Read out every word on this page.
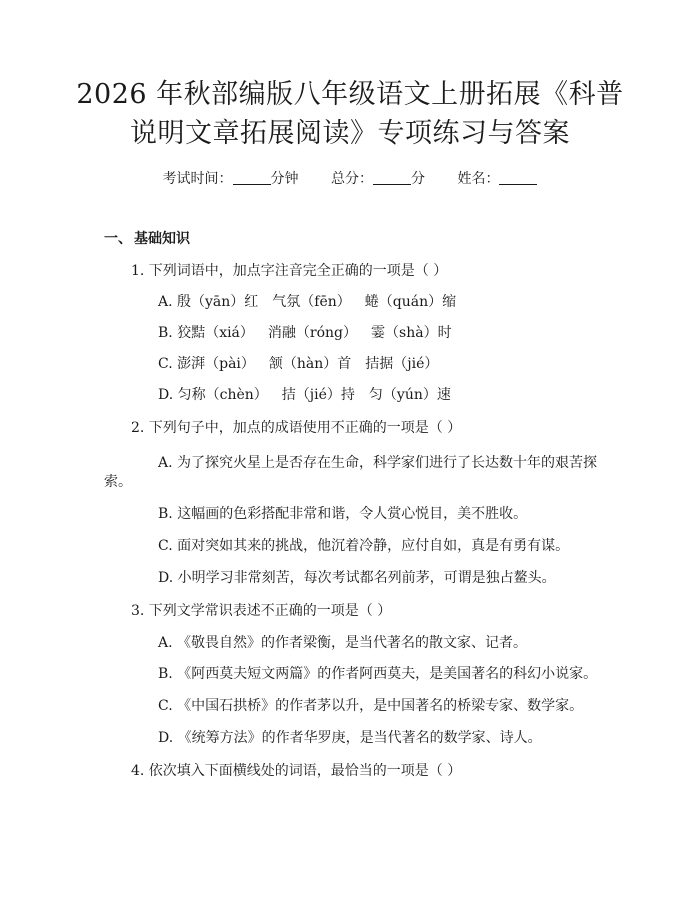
2026 年秋部编版八年级语文上册拓展《科普
说明文章拓展阅读》专项练习与答案
考试时间：	分钟 总分：	分 姓名：
一、 基础知识
1. 下列词语中，加点字注音完全正确的一项是（ ）
A. 殷（yān）红 气氛（fēn） 蜷（quán）缩
B. 狡黠（xiá） 消融（róng） 霎（shà）时
C. 澎湃（pài） 颔（hàn）首 拮据（jié）
D. 匀称（chèn） 拮（jié）持 匀（yún）速
2. 下列句子中，加点的成语使用不正确的一项是（ ）
A. 为了探究火星上是否存在生命，科学家们进行了长达数十年的艰苦探
索。
B. 这幅画的色彩搭配非常和谐，令人赏心悦目，美不胜收。
C. 面对突如其来的挑战，他沉着冷静，应付自如，真是有勇有谋。
D. 小明学习非常刻苦，每次考试都名列前茅，可谓是独占鳌头。
3. 下列文学常识表述不正确的一项是（ ）
A. 《敬畏自然》的作者梁衡，是当代著名的散文家、记者。
B. 《阿西莫夫短文两篇》的作者阿西莫夫，是美国著名的科幻小说家。
C. 《中国石拱桥》的作者茅以升，是中国著名的桥梁专家、数学家。
D. 《统筹方法》的作者华罗庚，是当代著名的数学家、诗人。
4. 依次填入下面横线处的词语，最恰当的一项是（ ）
